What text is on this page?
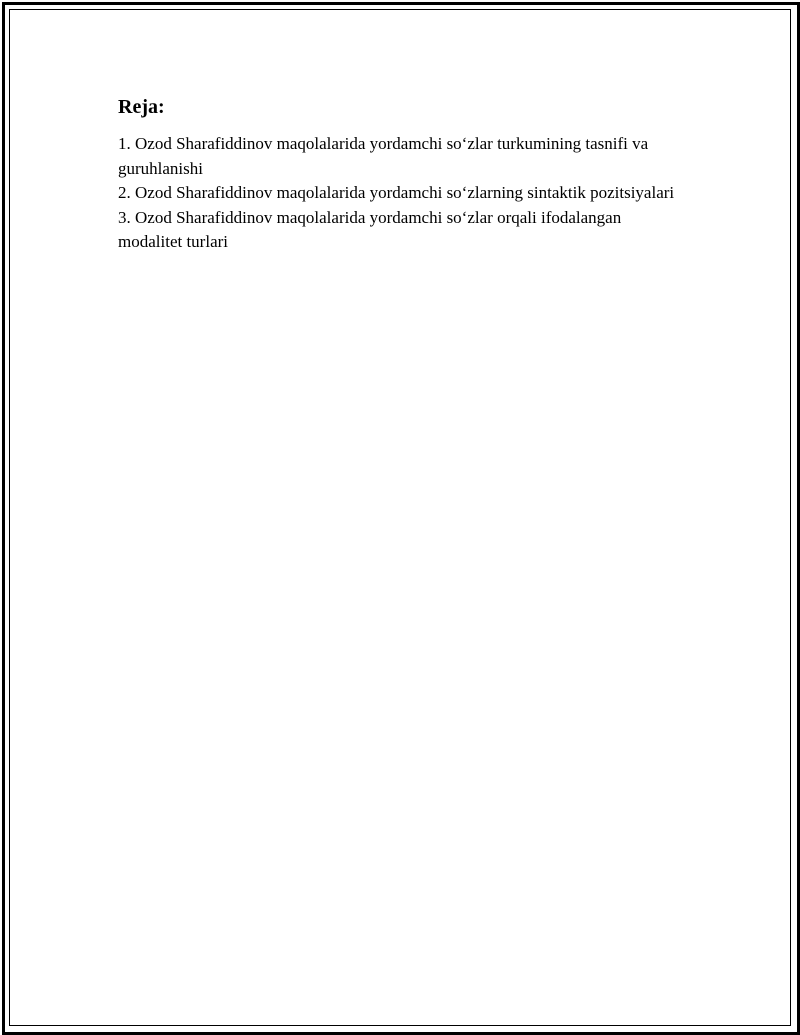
Reja:
1. Ozod Sharafiddinov maqolalarida yordamchi so‘zlar turkumining tasnifi va guruhlanishi
2. Ozod Sharafiddinov maqolalarida yordamchi so‘zlarning sintaktik pozitsiyalari
3. Ozod Sharafiddinov maqolalarida yordamchi so‘zlar orqali ifodalangan modalitet turlari
